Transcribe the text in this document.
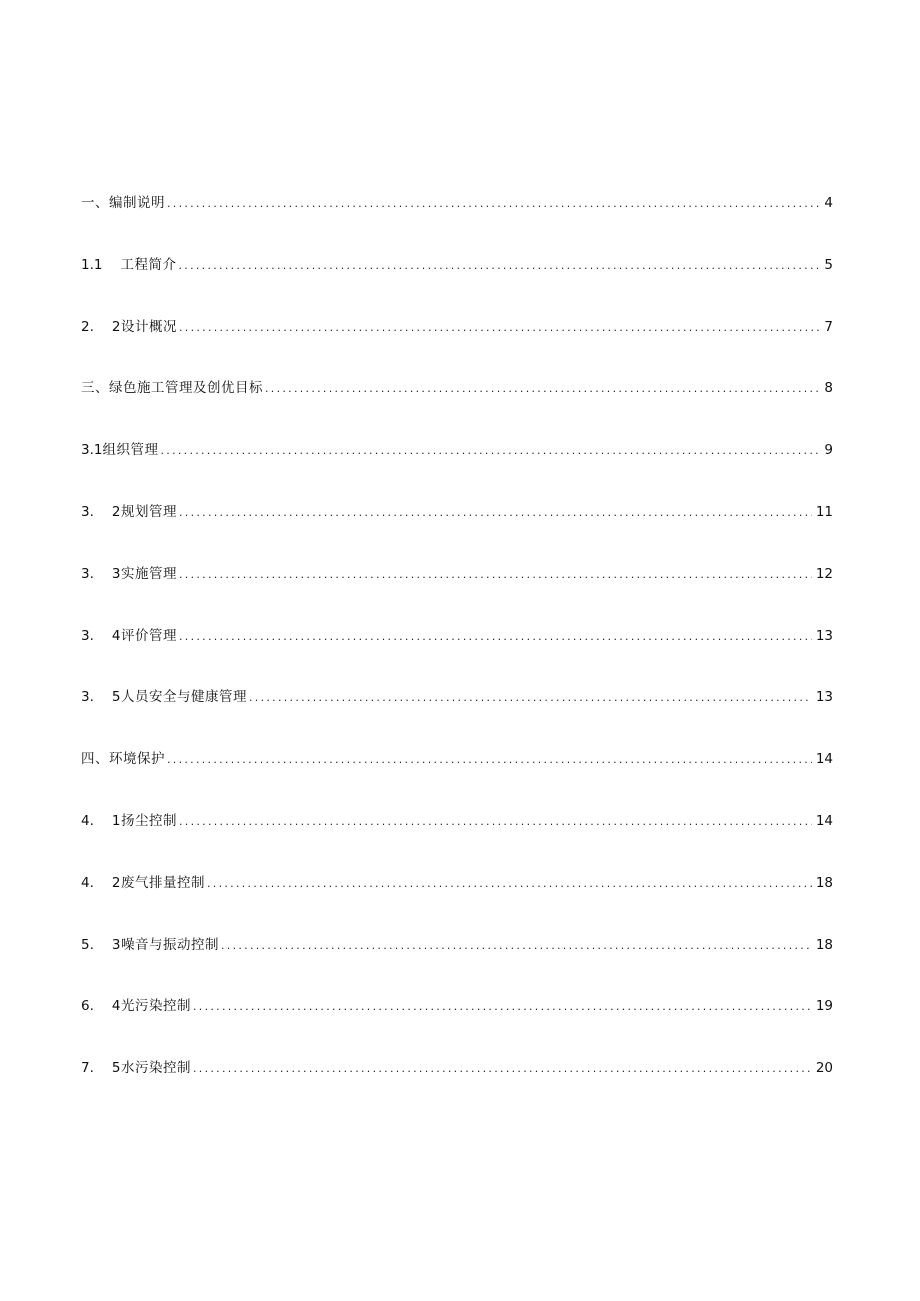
一、编制说明 . . .	4
1.1 工程简介 . . .	5
2. 2设计概况 . . .	7
三、绿色施工管理及创优目标 . . .	8
3.1 组织管理 . . .	9
3. 2规划管理 . . .	11
3. 3实施管理 . . .	12
3. 4评价管理 . . .	13
3. 5人员安全与健康管理 . . .	13
四、环境保护 . . .	14
4. 1扬尘控制 . . .	14
4. 2废气排量控制 . . .	18
5. 3噪音与振动控制 . . .	18
6. 4光污染控制 . . .	19
7. 5水污染控制 . . .	20
